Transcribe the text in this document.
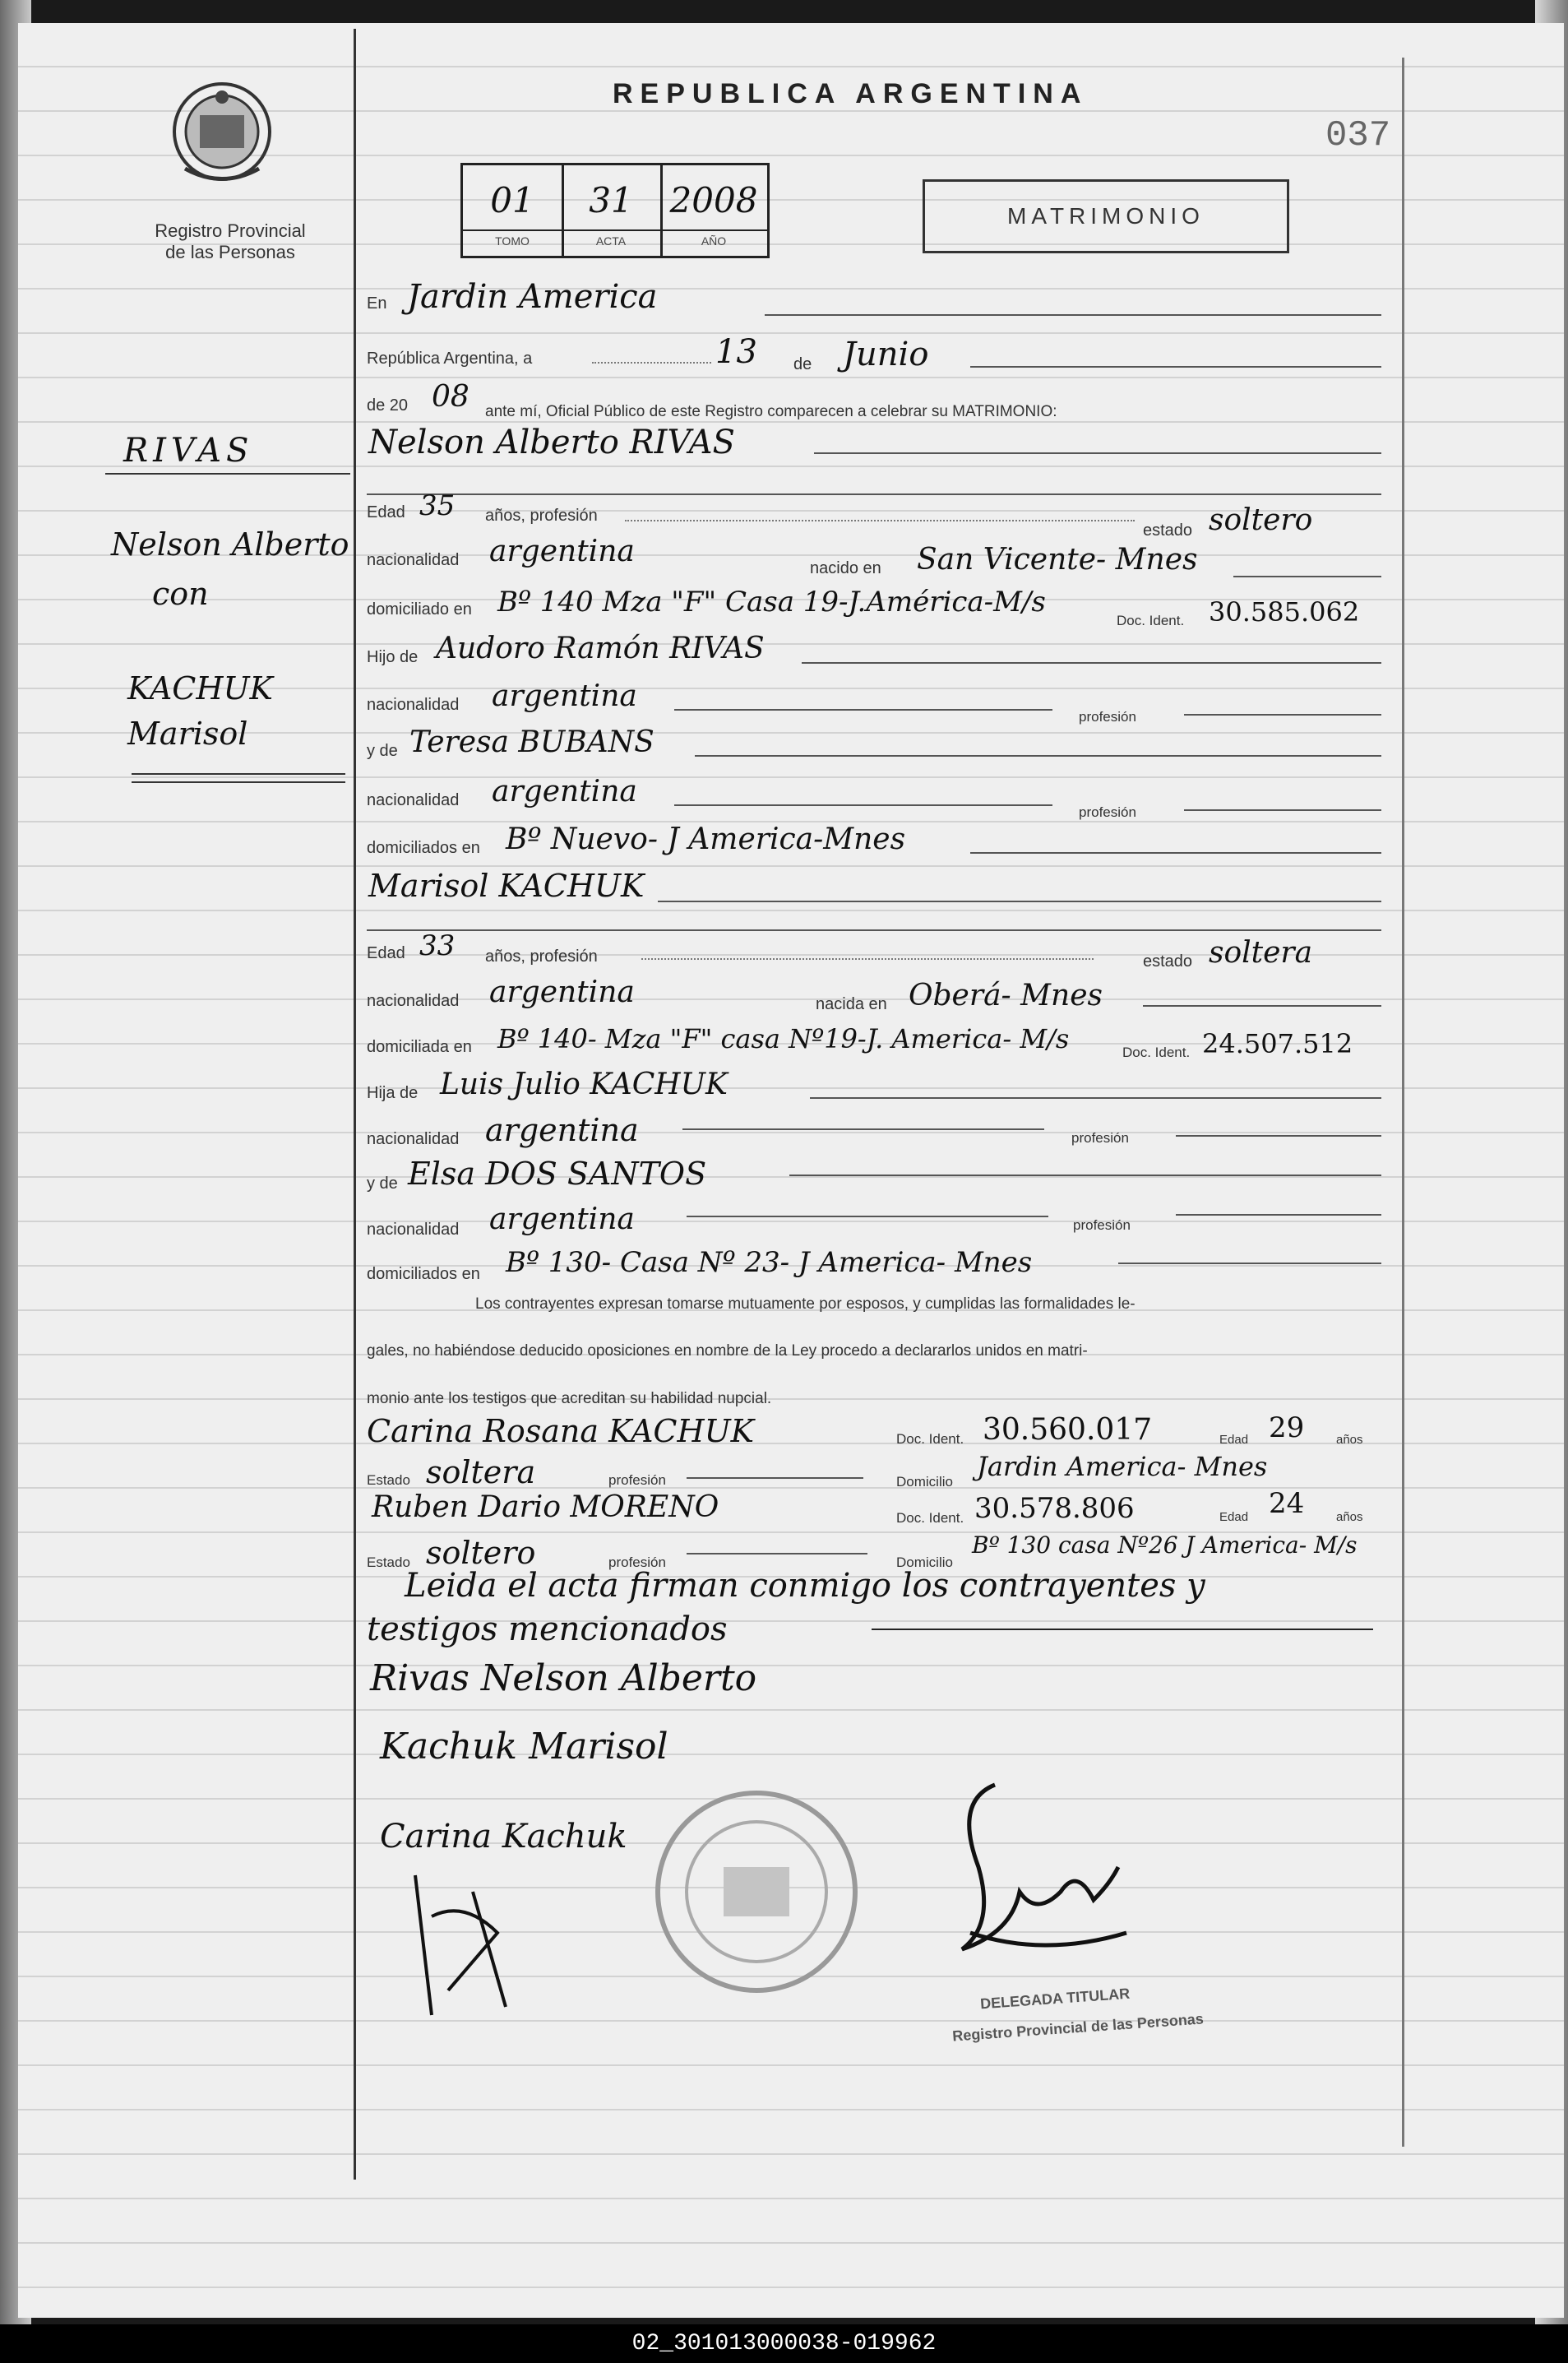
Registro Provincial
de las Personas
REPUBLICA ARGENTINA
037
01
TOMO
31
ACTA
2008
AÑO
MATRIMONIO
RIVAS
Nelson Alberto
con
KACHUK
Marisol
En Jardin America
República Argentina, a	13 de Junio
de 20 08 ante mí, Oficial Público de este Registro comparecen a celebrar su MATRIMONIO:
Nelson Alberto RIVAS
Edad 35 años, profesión
estado soltero
nacionalidad argentina	nacido en San Vicente- Mnes
domiciliado en Bº 140 Mza "F" Casa 19-J.América-M/s
Doc. Ident. 30.585.062
Hijo de Audoro Ramón RIVAS
nacionalidad argentina
profesión
y de Teresa BUBANS
nacionalidad argentina
profesión
domiciliados en Bº Nuevo- J America-Mnes
Marisol KACHUK
Edad 33 años, profesión	estado soltera
nacionalidad argentina	nacida en Oberá- Mnes
domiciliada en Bº 140- Mza "F" casa Nº19-J. America- M/s	Doc. Ident. 24.507.512
Hija de Luis Julio KACHUK
nacionalidad argentina	profesión
y de Elsa DOS SANTOS
nacionalidad argentina	profesión
domiciliados en Bº 130- Casa Nº 23- J America- Mnes
Los contrayentes expresan tomarse mutuamente por esposos, y cumplidas las formalidades le-
gales, no habiéndose deducido oposiciones en nombre de la Ley procedo a declararlos unidos en matri-
monio ante los testigos que acreditan su habilidad nupcial.
Carina Rosana KACHUK	Doc. Ident. 30.560.017	Edad 29	años
Estado soltera	profesión	Domicilio Jardin America- Mnes
Ruben Dario MORENO	Doc. Ident. 30.578.806	Edad 24	años
Estado soltero	profesión	Domicilio
Bº 130 casa Nº26 J America- M/s
Leida el acta firman conmigo los contrayentes y
testigos mencionados
Rivas Nelson Alberto
Kachuk Marisol
Carina Kachuk
DELEGADA TITULAR
Registro Provincial de las Personas
02_301013000038-019962
